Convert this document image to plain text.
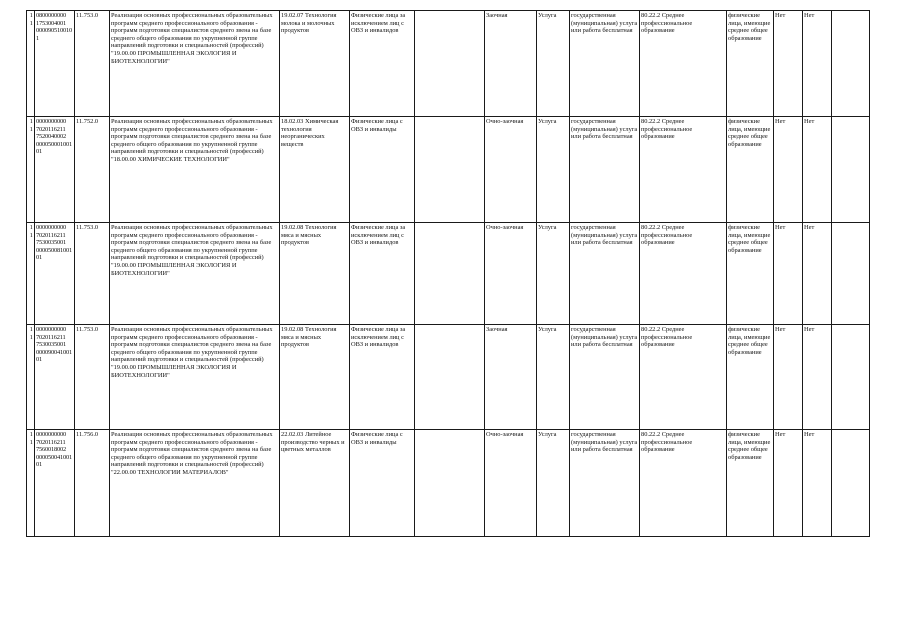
11	0800000000 1753004001 0000905100101	11.753.0	Реализация основных профессиональных образовательных программ среднего профессионального образования - программ подготовки специалистов среднего звена на базе среднего общего образования по укрупненной группе направлений подготовки и специальностей (профессий) "19.00.00 ПРОМЫШЛЕННАЯ ЭКОЛОГИЯ И БИОТЕХНОЛОГИИ"	19.02.07 Технология молока и молочных продуктов	Физические лица за исключением лиц с ОВЗ и инвалидов		Заочная	Услуга	государственная (муниципальная) услуга или работа бесплатная	80.22.2 Среднее профессиональное образование	физические лица, имеющие среднее общее образование	Нет	Нет	
11	0000000000 7020116211 7520040002 00005000100101	11.752.0	Реализация основных профессиональных образовательных программ среднего профессионального образования - программ подготовки специалистов среднего звена на базе среднего общего образования по укрупненной группе направлений подготовки и специальностей (профессий) "18.00.00 ХИМИЧЕСКИЕ ТЕХНОЛОГИИ"	18.02.03 Химическая технология неорганических веществ	Физические лица с ОВЗ и инвалиды		Очно-заочная	Услуга	государственная (муниципальная) услуга или работа бесплатная	80.22.2 Среднее профессиональное образование	физические лица, имеющие среднее общее образование	Нет	Нет	
11	0000000000 7020116211 7530035001 00005008100101	11.753.0	Реализация основных профессиональных образовательных программ среднего профессионального образования - программ подготовки специалистов среднего звена на базе среднего общего образования по укрупненной группе направлений подготовки и специальностей (профессий) "19.00.00 ПРОМЫШЛЕННАЯ ЭКОЛОГИЯ И БИОТЕХНОЛОГИИ"	19.02.08 Технология мяса и мясных продуктов	Физические лица за исключением лиц с ОВЗ и инвалидов		Очно-заочная	Услуга	государственная (муниципальная) услуга или работа бесплатная	80.22.2 Среднее профессиональное образование	физические лица, имеющие среднее общее образование	Нет	Нет	
11	0000000000 7020116211 7530035001 00009004100101	11.753.0	Реализация основных профессиональных образовательных программ среднего профессионального образования - программ подготовки специалистов среднего звена на базе среднего общего образования по укрупненной группе направлений подготовки и специальностей (профессий) "19.00.00 ПРОМЫШЛЕННАЯ ЭКОЛОГИЯ И БИОТЕХНОЛОГИИ"	19.02.08 Технология мяса и мясных продуктов	Физические лица за исключением лиц с ОВЗ и инвалидов		Заочная	Услуга	государственная (муниципальная) услуга или работа бесплатная	80.22.2 Среднее профессиональное образование	физические лица, имеющие среднее общее образование	Нет	Нет	
11	0000000000 7020116211 7560018002 00005004100101	11.756.0	Реализация основных профессиональных образовательных программ среднего профессионального образования - программ подготовки специалистов среднего звена на базе среднего общего образования по укрупненной группе направлений подготовки и специальностей (профессий) "22.00.00 ТЕХНОЛОГИИ МАТЕРИАЛОВ"	22.02.03 Литейное производство черных и цветных металлов	Физические лица с ОВЗ и инвалиды		Очно-заочная	Услуга	государственная (муниципальная) услуга или работа бесплатная	80.22.2 Среднее профессиональное образование	физические лица, имеющие среднее общее образование	Нет	Нет	
